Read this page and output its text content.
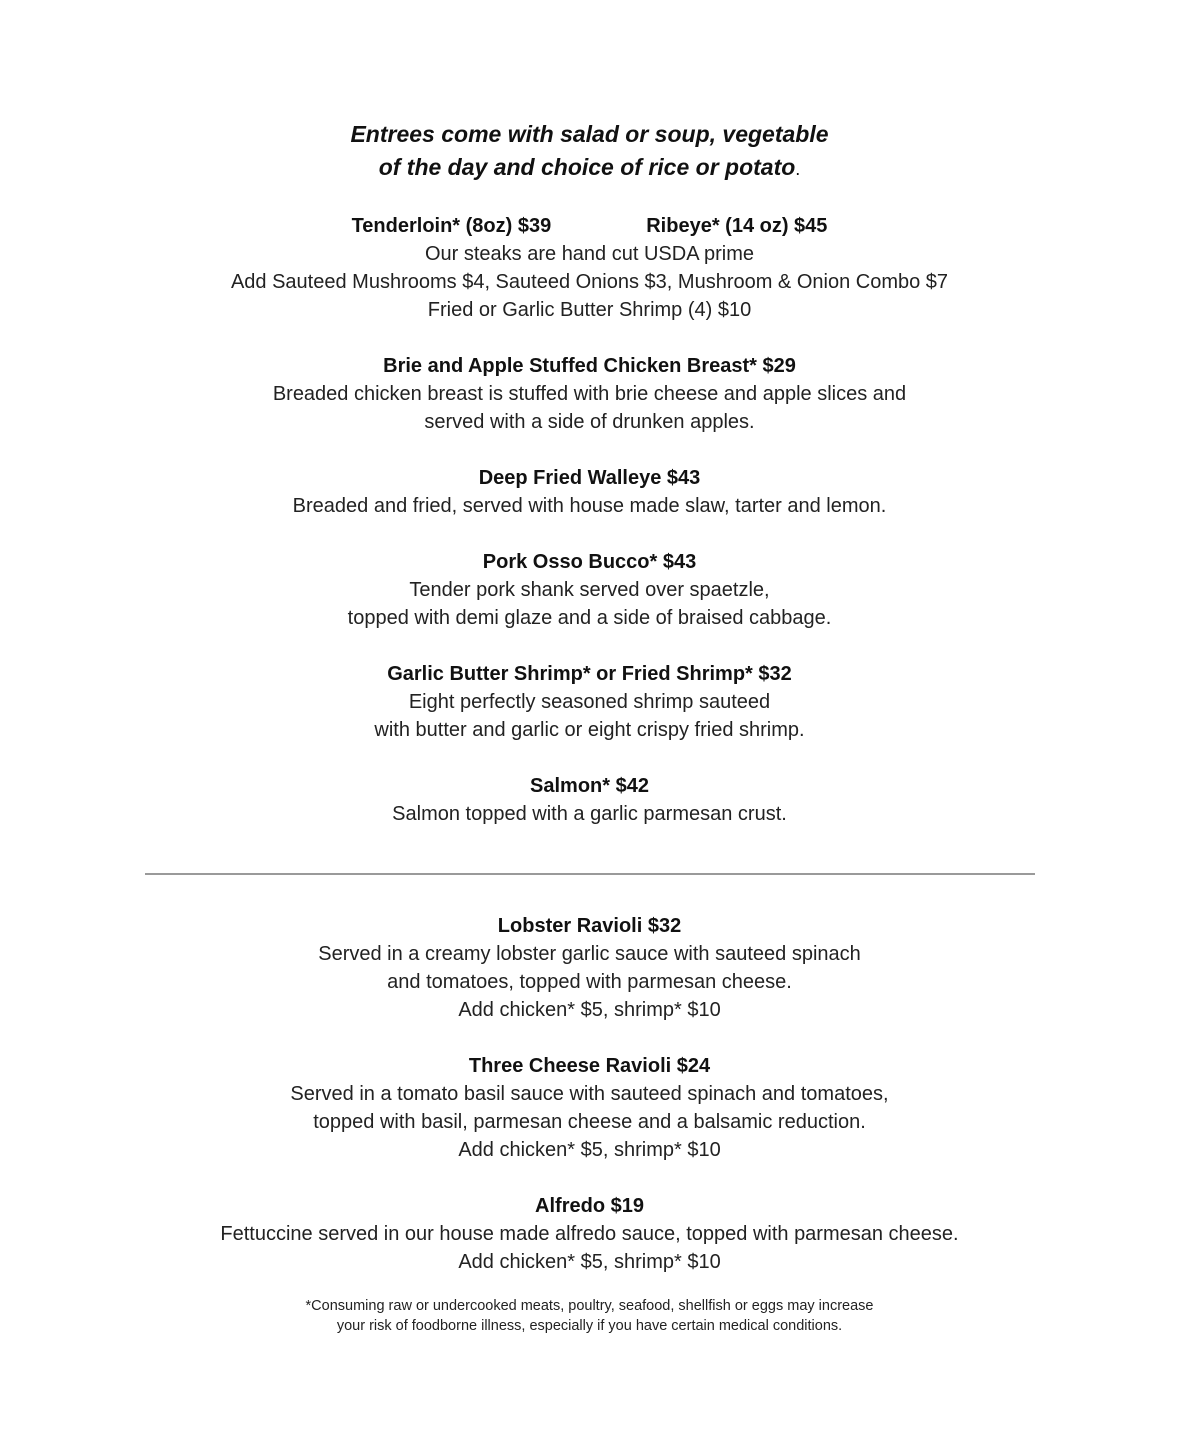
Entrees come with salad or soup, vegetable
of the day and choice of rice or potato.
Tenderloin* (8oz) $39	Ribeye* (14 oz) $45
Our steaks are hand cut USDA prime
Add Sauteed Mushrooms $4, Sauteed Onions $3, Mushroom & Onion Combo $7
Fried or Garlic Butter Shrimp (4) $10
Brie and Apple Stuffed Chicken Breast* $29
Breaded chicken breast is stuffed with brie cheese and apple slices and
served with a side of drunken apples.
Deep Fried Walleye $43
Breaded and fried, served with house made slaw, tarter and lemon.
Pork Osso Bucco* $43
Tender pork shank served over spaetzle,
topped with demi glaze and a side of braised cabbage.
Garlic Butter Shrimp* or Fried Shrimp* $32
Eight perfectly seasoned shrimp sauteed
with butter and garlic or eight crispy fried shrimp.
Salmon* $42
Salmon topped with a garlic parmesan crust.
Lobster Ravioli $32
Served in a creamy lobster garlic sauce with sauteed spinach
and tomatoes, topped with parmesan cheese.
Add chicken* $5, shrimp* $10
Three Cheese Ravioli $24
Served in a tomato basil sauce with sauteed spinach and tomatoes,
topped with basil, parmesan cheese and a balsamic reduction.
Add chicken* $5, shrimp* $10
Alfredo $19
Fettuccine served in our house made alfredo sauce, topped with parmesan cheese.
Add chicken* $5, shrimp* $10
*Consuming raw or undercooked meats, poultry, seafood, shellfish or eggs may increase
your risk of foodborne illness, especially if you have certain medical conditions.
